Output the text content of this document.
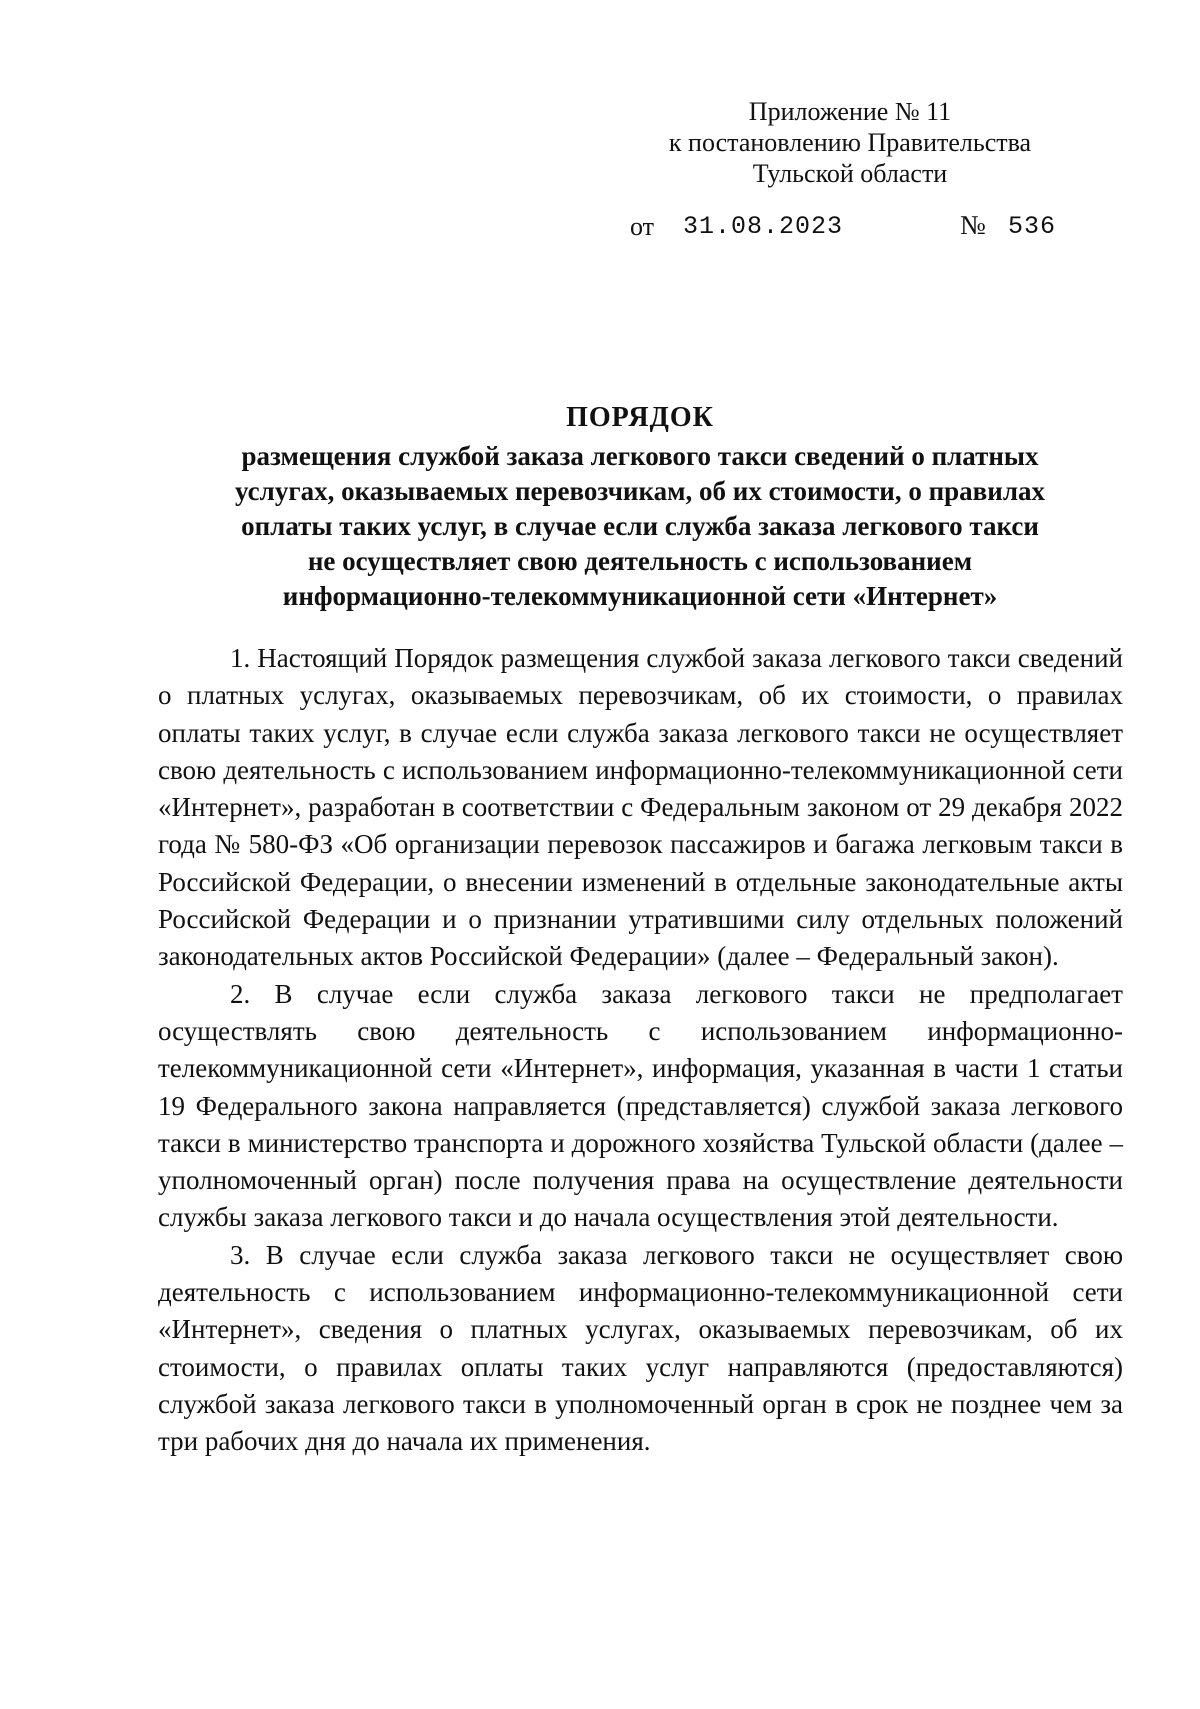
Приложение № 11
к постановлению Правительства
Тульской области
от 31.08.2023	№ 536
ПОРЯДОК
размещения службой заказа легкового такси сведений о платных
услугах, оказываемых перевозчикам, об их стоимости, о правилах
оплаты таких услуг, в случае если служба заказа легкового такси
не осуществляет свою деятельность с использованием
информационно-телекоммуникационной сети «Интернет»

1. Настоящий Порядок размещения службой заказа легкового такси сведений о платных услугах, оказываемых перевозчикам, об их стоимости, о правилах оплаты таких услуг, в случае если служба заказа легкового такси не осуществляет свою деятельность с использованием информационно-телекоммуникационной сети «Интернет», разработан в соответствии с Федеральным законом от 29 декабря 2022 года № 580-ФЗ «Об организации перевозок пассажиров и багажа легковым такси в Российской Федерации, о внесении изменений в отдельные законодательные акты Российской Федерации и о признании утратившими силу отдельных положений законодательных актов Российской Федерации» (далее – Федеральный закон).

2. В случае если служба заказа легкового такси не предполагает осуществлять свою деятельность с использованием информационно-телекоммуникационной сети «Интернет», информация, указанная в части 1 статьи 19 Федерального закона направляется (представляется) службой заказа легкового такси в министерство транспорта и дорожного хозяйства Тульской области (далее – уполномоченный орган) после получения права на осуществление деятельности службы заказа легкового такси и до начала осуществления этой деятельности.

3. В случае если служба заказа легкового такси не осуществляет свою деятельность с использованием информационно-телекоммуникационной сети «Интернет», сведения о платных услугах, оказываемых перевозчикам, об их стоимости, о правилах оплаты таких услуг направляются (предоставляются) службой заказа легкового такси в уполномоченный орган в срок не позднее чем за три рабочих дня до начала их применения.
